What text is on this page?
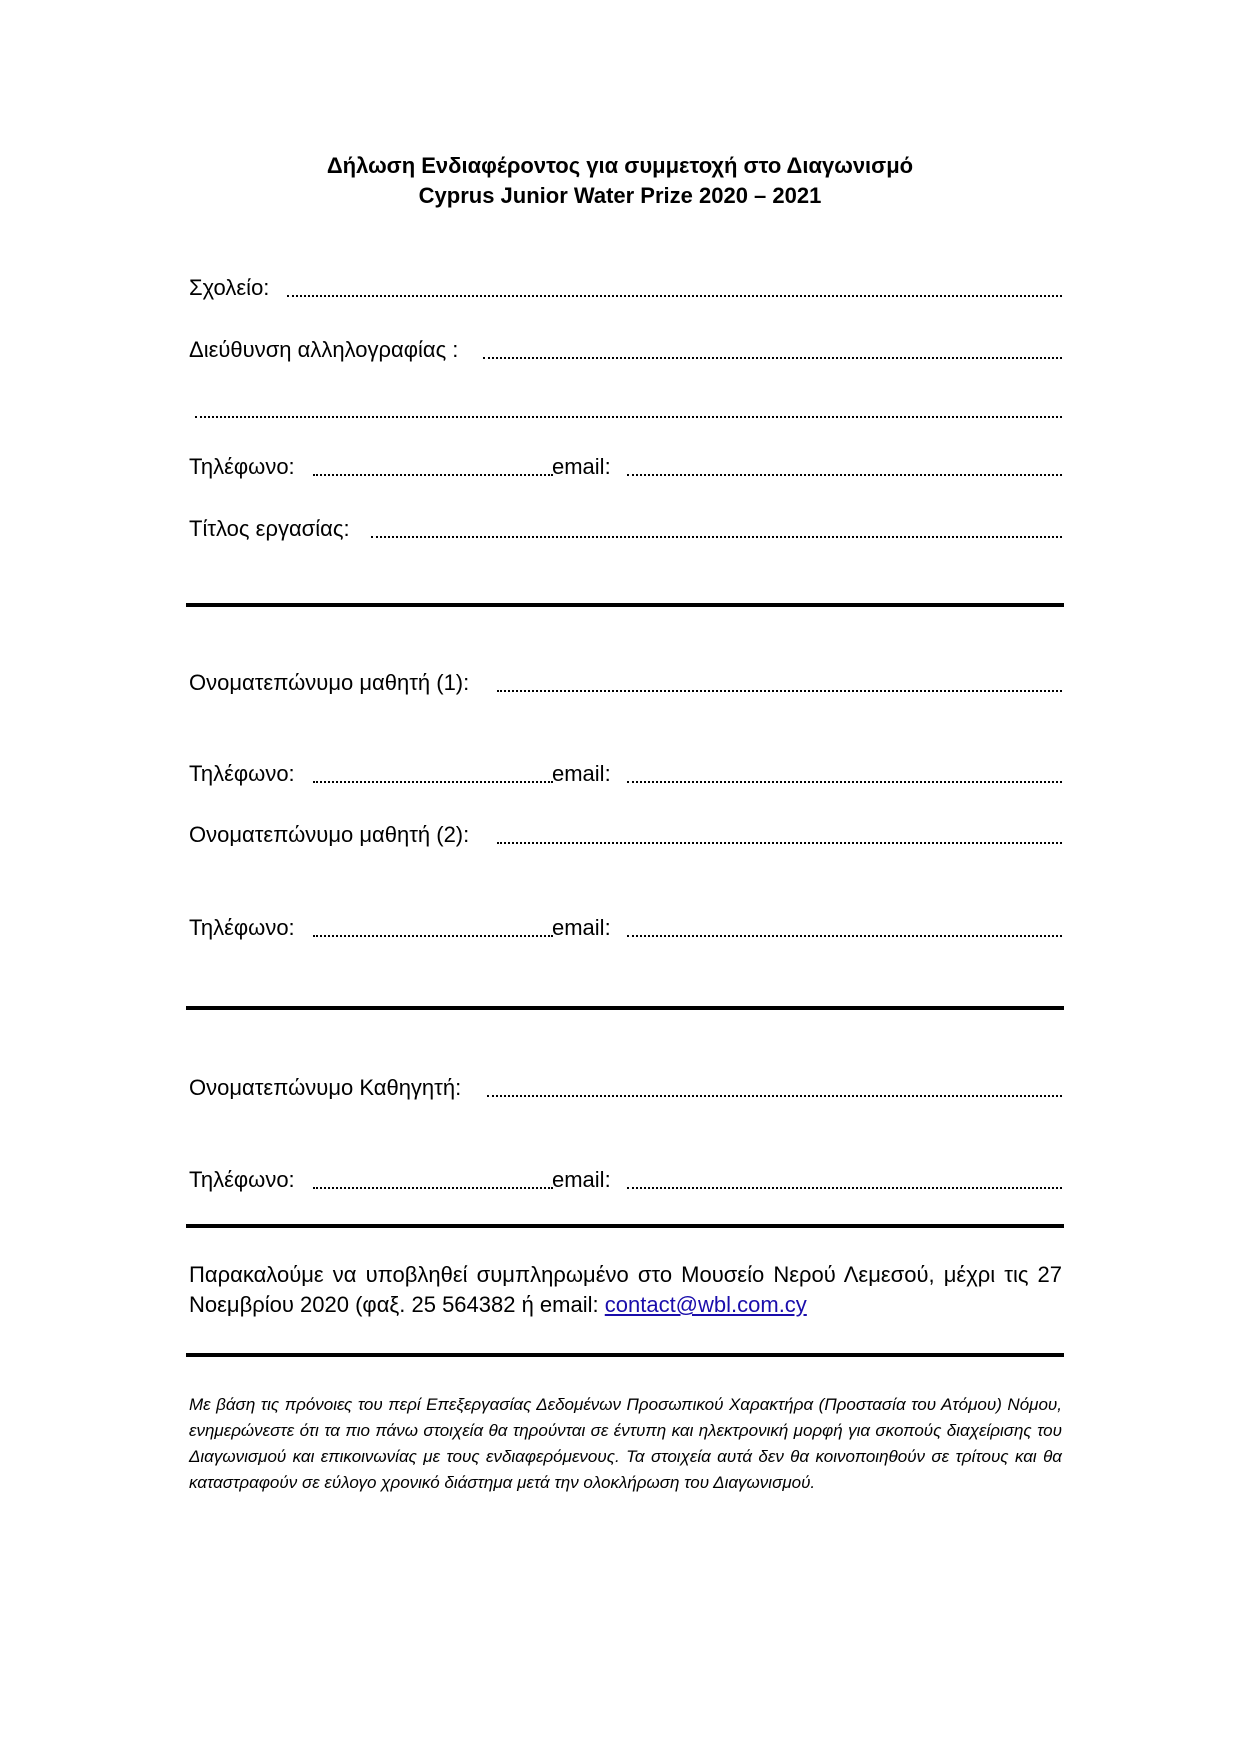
Δήλωση Ενδιαφέροντος για συμμετοχή στο Διαγωνισμό
Cyprus Junior Water Prize 2020 – 2021
Σχολείο:
Διεύθυνση αλληλογραφίας :
Τηλέφωνο:	email:
Τίτλος εργασίας:
Ονοματεπώνυμο μαθητή (1):
Τηλέφωνο:	email:
Ονοματεπώνυμο μαθητή (2):
Τηλέφωνο:	email:
Ονοματεπώνυμο Καθηγητή:
Τηλέφωνο:	email:
Παρακαλούμε να υποβληθεί συμπληρωμένο στο Μουσείο Νερού Λεμεσού, μέχρι τις 27 Νοεμβρίου 2020 (φαξ. 25 564382 ή email: contact@wbl.com.cy
Με βάση τις πρόνοιες του περί Επεξεργασίας Δεδομένων Προσωπικού Χαρακτήρα (Προστασία του Ατόμου) Νόμου, ενημερώνεστε ότι τα πιο πάνω στοιχεία θα τηρούνται σε έντυπη και ηλεκτρονική μορφή για σκοπούς διαχείρισης του Διαγωνισμού και επικοινωνίας με τους ενδιαφερόμενους. Τα στοιχεία αυτά δεν θα κοινοποιηθούν σε τρίτους και θα καταστραφούν σε εύλογο χρονικό διάστημα μετά την ολοκλήρωση του Διαγωνισμού.
